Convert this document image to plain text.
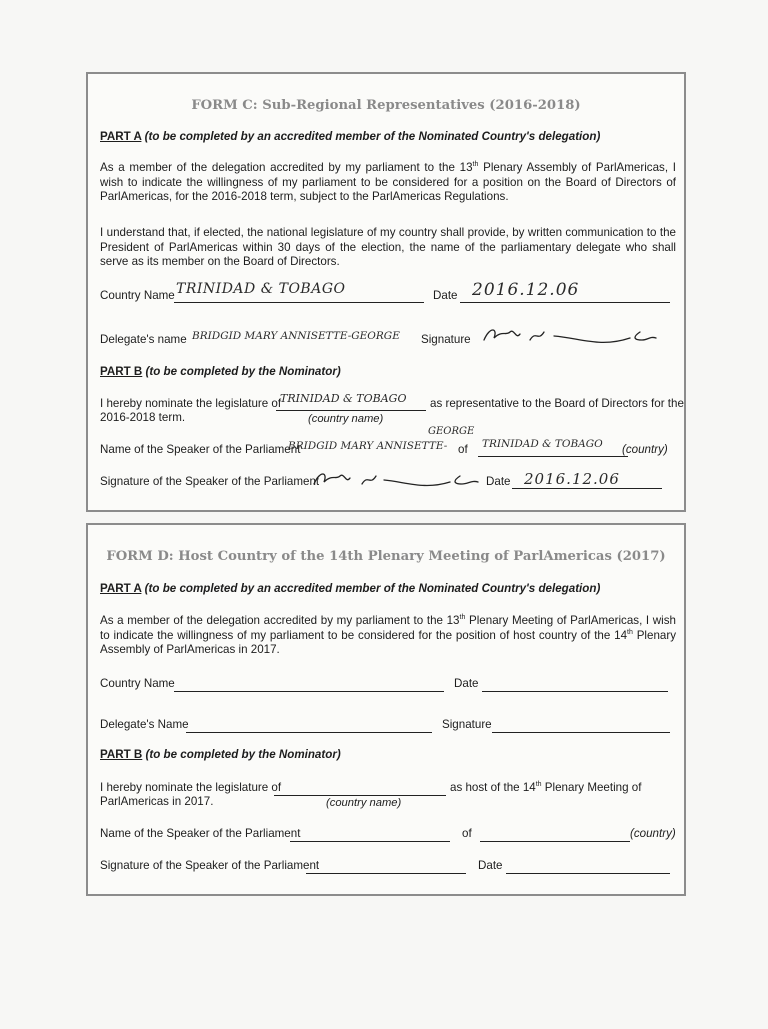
FORM C: Sub-Regional Representatives (2016-2018)
PART A (to be completed by an accredited member of the Nominated Country's delegation)
As a member of the delegation accredited by my parliament to the 13th Plenary Assembly of ParlAmericas, I wish to indicate the willingness of my parliament to be considered for a position on the Board of Directors of ParlAmericas, for the 2016-2018 term, subject to the ParlAmericas Regulations.
I understand that, if elected, the national legislature of my country shall provide, by written communication to the President of ParlAmericas within 30 days of the election, the name of the parliamentary delegate who shall serve as its member on the Board of Directors.
Country Name TRINIDAD & TOBAGO	Date 2016.12.06
Delegate's name BRIDGID MARY ANNISETTE-GEORGE Signature
PART B (to be completed by the Nominator)
I hereby nominate the legislature of
TRINIDAD & TOBAGO as representative to the Board of Directors for the
2016-2018 term.	(country name)
Name of the Speaker of the Parliament
BRIDGID MARY ANNISETTE-
GEORGE
of TRINIDAD & TOBAGO (country)
Signature of the Speaker of the Parliament	Date 2016.12.06
FORM D: Host Country of the 14th Plenary Meeting of ParlAmericas (2017)
PART A (to be completed by an accredited member of the Nominated Country's delegation)
As a member of the delegation accredited by my parliament to the 13th Plenary Meeting of ParlAmericas, I wish to indicate the willingness of my parliament to be considered for the position of host country of the 14th Plenary Assembly of ParlAmericas in 2017.
Country Name	Date
Delegate's Name	Signature
PART B (to be completed by the Nominator)
I hereby nominate the legislature of	as host of the 14th Plenary Meeting of
ParlAmericas in 2017.	(country name)
Name of the Speaker of the Parliament	of	(country)
Signature of the Speaker of the Parliament	Date
